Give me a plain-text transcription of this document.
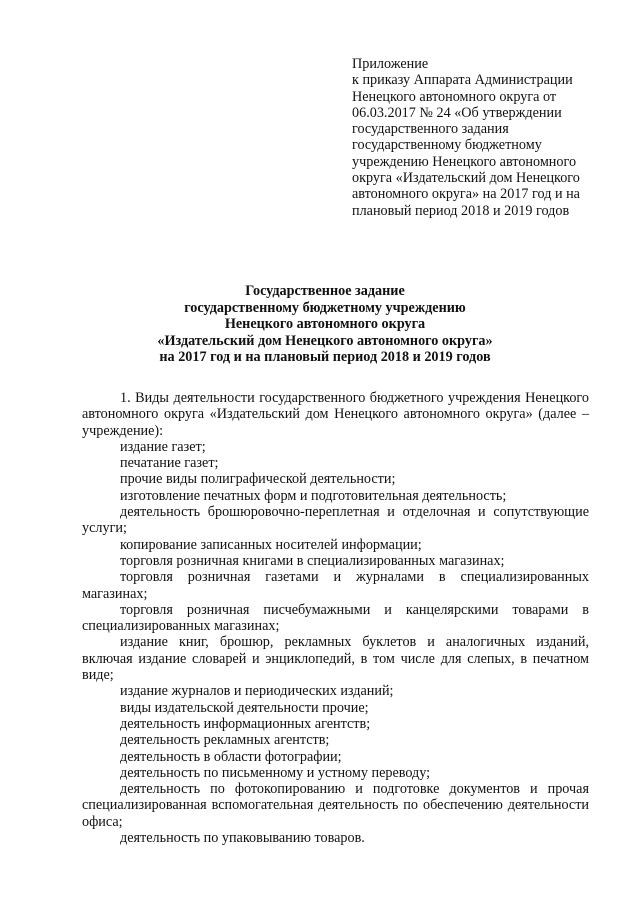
Приложение
к приказу Аппарата Администрации
Ненецкого автономного округа от
06.03.2017 № 24 «Об утверждении
государственного задания
государственному бюджетному
учреждению Ненецкого автономного
округа «Издательский дом Ненецкого
автономного округа» на 2017 год и на
плановый период 2018 и 2019 годов
Государственное задание
государственному бюджетному учреждению
Ненецкого автономного округа
«Издательский дом Ненецкого автономного округа»
на 2017 год и на плановый период 2018 и 2019 годов
1. Виды деятельности государственного бюджетного учреждения Ненецкого автономного округа «Издательский дом Ненецкого автономного округа» (далее – учреждение):
издание газет;
печатание газет;
прочие виды полиграфической деятельности;
изготовление печатных форм и подготовительная деятельность;
деятельность брошюровочно-переплетная и отделочная и сопутствующие услуги;
копирование записанных носителей информации;
торговля розничная книгами в специализированных магазинах;
торговля розничная газетами и журналами в специализированных магазинах;
торговля розничная писчебумажными и канцелярскими товарами в специализированных магазинах;
издание книг, брошюр, рекламных буклетов и аналогичных изданий, включая издание словарей и энциклопедий, в том числе для слепых, в печатном виде;
издание журналов и периодических изданий;
виды издательской деятельности прочие;
деятельность информационных агентств;
деятельность рекламных агентств;
деятельность в области фотографии;
деятельность по письменному и устному переводу;
деятельность по фотокопированию и подготовке документов и прочая специализированная вспомогательная деятельность по обеспечению деятельности офиса;
деятельность по упаковыванию товаров.
